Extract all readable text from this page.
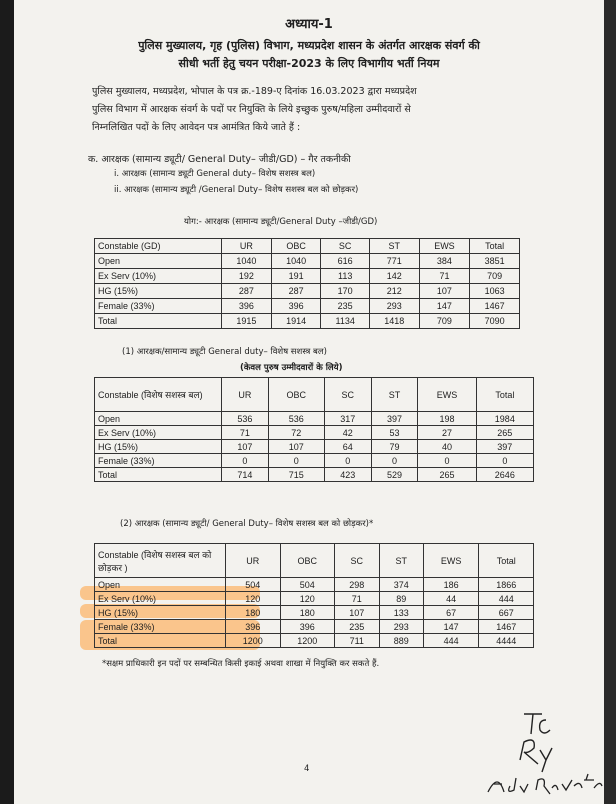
अध्याय-1
पुलिस मुख्यालय, गृह (पुलिस) विभाग, मध्यप्रदेश शासन के अंतर्गत आरक्षक संवर्ग की
सीधी भर्ती हेतु चयन परीक्षा-2023 के लिए विभागीय भर्ती नियम
पुलिस मुख्यालय, मध्यप्रदेश, भोपाल के पत्र क्र.-189-ए दिनांक 16.03.2023 द्वारा मध्यप्रदेश
पुलिस विभाग में आरक्षक संवर्ग के पदों पर नियुक्ति के लिये इच्छुक पुरुष/महिला उम्मीदवारों से
निम्नलिखित पदों के लिए आवेदन पत्र आमंत्रित किये जाते हैं :
क. आरक्षक (सामान्य ड्यूटी/ General Duty– जीडी/GD) – गैर तकनीकी
i. आरक्षक (सामान्य ड्यूटी General duty– विशेष सशस्त्र बल)
ii. आरक्षक (सामान्य ड्यूटी /General Duty– विशेष सशस्त्र बल को छोड़कर)
योग:- आरक्षक (सामान्य ड्यूटी/General Duty –जीडी/GD)
Constable (GD)	UR	OBC	SC	ST	EWS	Total
Open	1040	1040	616	771	384	3851
Ex Serv (10%)	192	191	113	142	71	709
HG (15%)	287	287	170	212	107	1063
Female (33%)	396	396	235	293	147	1467
Total	1915	1914	1134	1418	709	7090
(1) आरक्षक/सामान्य ड्यूटी General duty– विशेष सशस्त्र बल)
(केवल पुरुष उम्मीदवारों के लिये)
Constable (विशेष सशस्त्र बल)	UR	OBC	SC	ST	EWS	Total
Open	536	536	317	397	198	1984
Ex Serv (10%)	71	72	42	53	27	265
HG (15%)	107	107	64	79	40	397
Female (33%)	0	0	0	0	0	0
Total	714	715	423	529	265	2646
(2) आरक्षक (सामान्य ड्यूटी/ General Duty– विशेष सशस्त्र बल को छोड़कर)*
Constable (विशेष सशस्त्र बल को छोड़कर )	UR	OBC	SC	ST	EWS	Total
Open	504	504	298	374	186	1866
Ex Serv (10%)	120	120	71	89	44	444
HG (15%)	180	180	107	133	67	667
Female (33%)	396	396	235	293	147	1467
Total	1200	1200	711	889	444	4444
*सक्षम प्राधिकारी इन पदों पर सम्बन्धित किसी इकाई अथवा शाखा में नियुक्ति कर सकते हैं.
4
